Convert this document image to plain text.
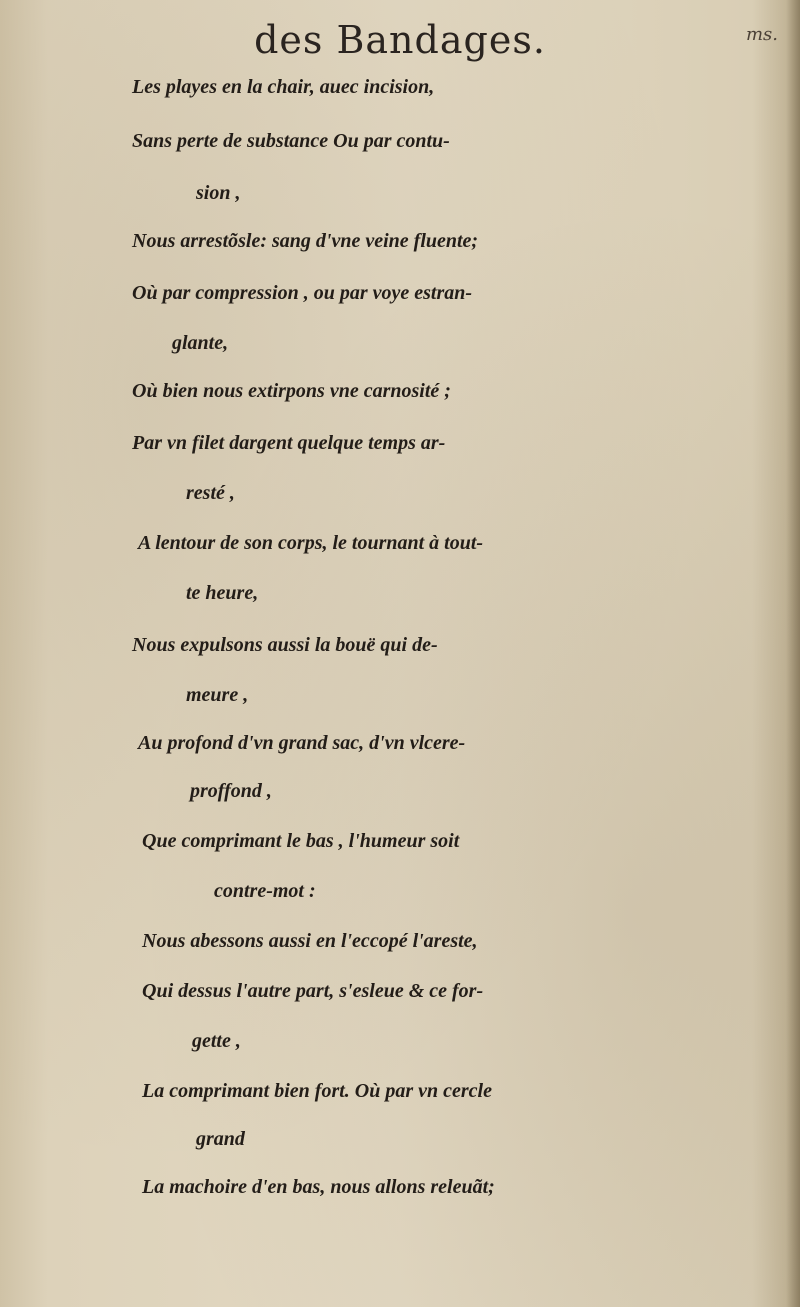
des Bandages.	ms.
Les playes en la chair, auec incision,
Sans perte de substance Ou par contu-
sion ,
Nous arrestõsle: sang d'vne veine fluente;
Où par compression , ou par voye estran-
glante,
Où bien nous extirpons vne carnosité ;
Par vn filet dargent quelque temps ar-
resté ,
A lentour de son corps, le tournant à tout-
te heure,
Nous expulsons aussi la bouë qui de-
meure ,
Au profond d'vn grand sac, d'vn vlcere-
proffond ,
Que comprimant le bas , l'humeur soit
contre-mot :
Nous abessons aussi en l'eccopé l'areste,
Qui dessus l'autre part, s'esleue & ce for-
gette ,
La comprimant bien fort. Où par vn cercle
grand
La machoire d'en bas, nous allons releuãt;
